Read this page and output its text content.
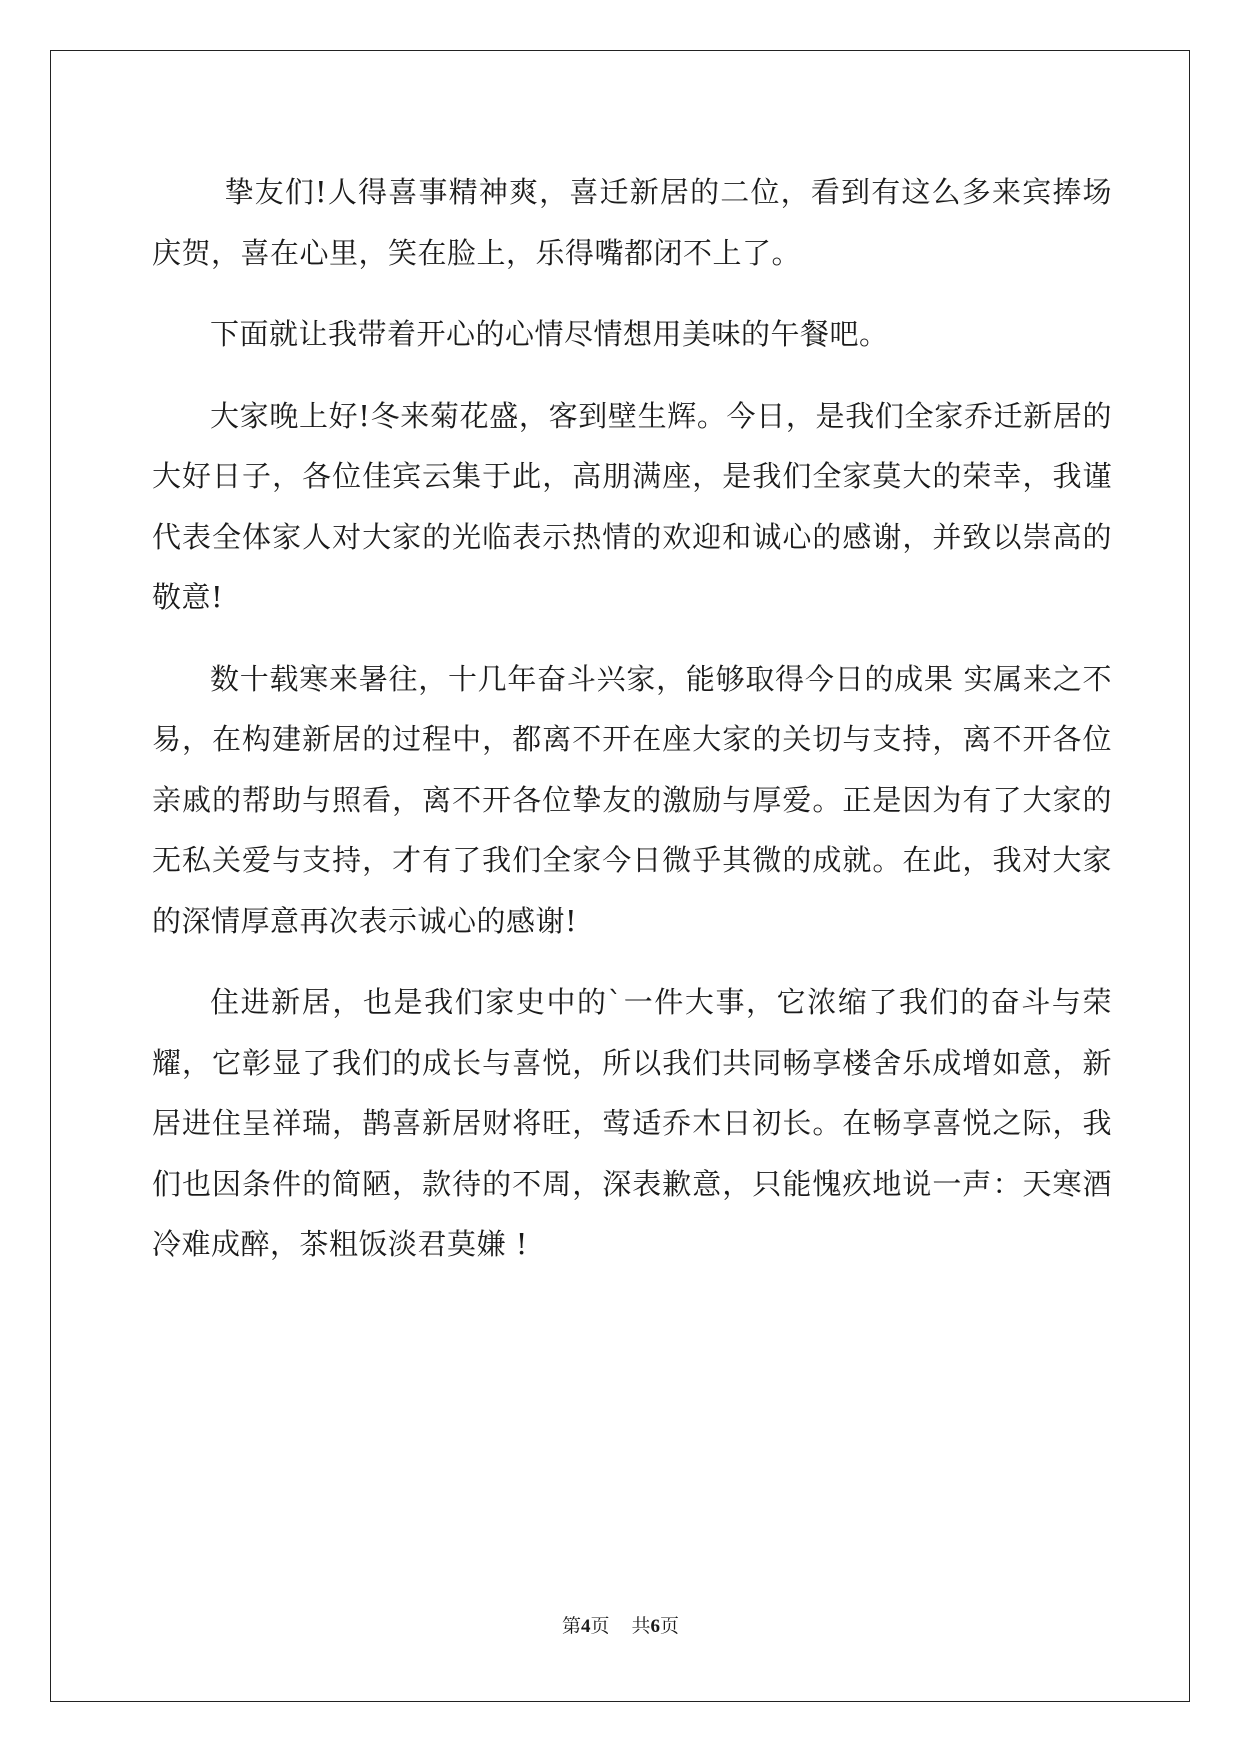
挚友们!人得喜事精神爽，喜迁新居的二位，看到有这么多来宾捧场庆贺，喜在心里，笑在脸上，乐得嘴都闭不上了。

下面就让我带着开心的心情尽情想用美味的午餐吧。

大家晚上好!冬来菊花盛，客到壁生辉。今日，是我们全家乔迁新居的大好日子，各位佳宾云集于此，高朋满座，是我们全家莫大的荣幸，我谨代表全体家人对大家的光临表示热情的欢迎和诚心的感谢，并致以崇高的敬意!

数十载寒来暑往，十几年奋斗兴家，能够取得今日的成果 实属来之不易，在构建新居的过程中，都离不开在座大家的关切与支持，离不开各位亲戚的帮助与照看，离不开各位挚友的激励与厚爱。正是因为有了大家的无私关爱与支持，才有了我们全家今日微乎其微的成就。在此，我对大家的深情厚意再次表示诚心的感谢!

住进新居，也是我们家史中的`一件大事，它浓缩了我们的奋斗与荣耀，它彰显了我们的成长与喜悦，所以我们共同畅享楼舍乐成增如意，新居进住呈祥瑞，鹊喜新居财将旺，莺适乔木日初长。在畅享喜悦之际，我们也因条件的简陋，款待的不周，深表歉意，只能愧疚地说一声：天寒酒冷难成醉，茶粗饭淡君莫嫌 !

第4页 共6页
